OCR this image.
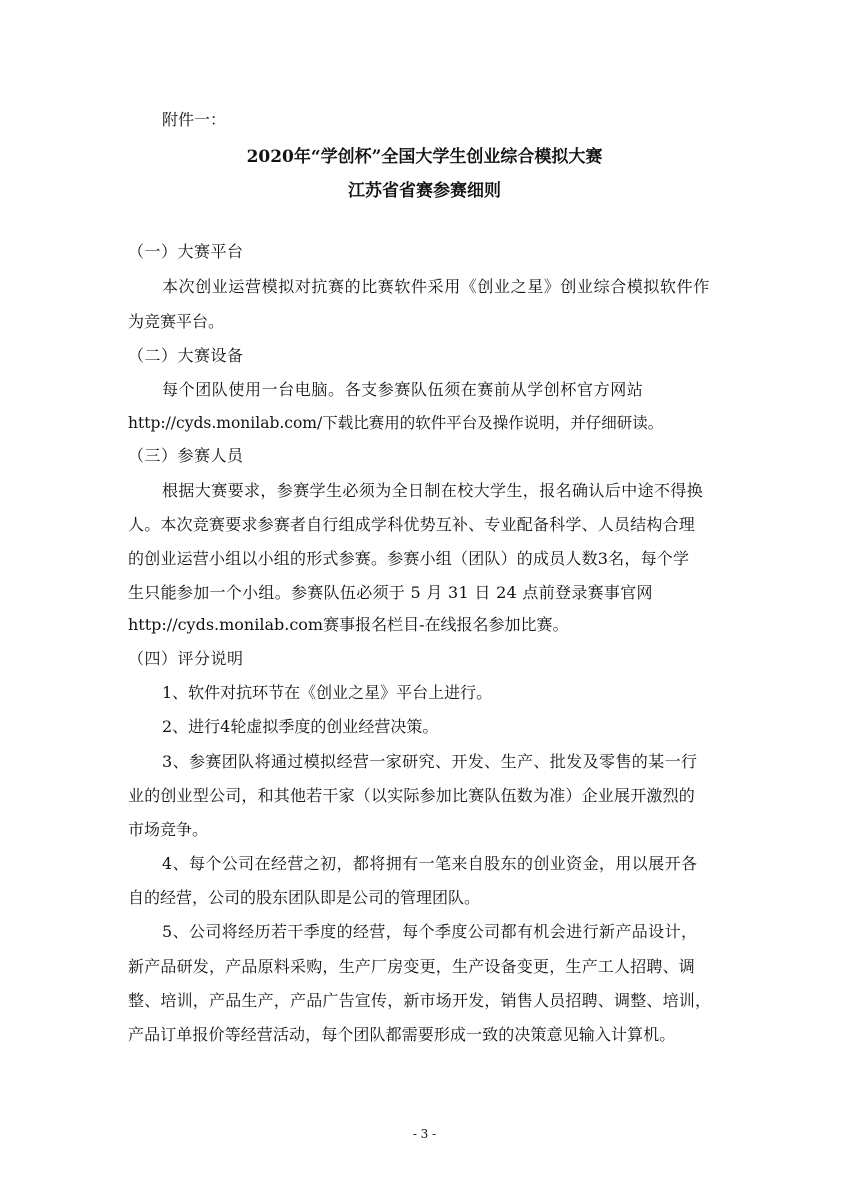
附件一：
2020年“学创杯”全国大学生创业综合模拟大赛
江苏省省赛参赛细则
（一）大赛平台
本次创业运营模拟对抗赛的比赛软件采用《创业之星》创业综合模拟软件作
为竞赛平台。
（二）大赛设备
每个团队使用一台电脑。各支参赛队伍须在赛前从学创杯官方网站
http://cyds.monilab.com/下载比赛用的软件平台及操作说明，并仔细研读。
（三）参赛人员
根据大赛要求，参赛学生必须为全日制在校大学生，报名确认后中途不得换
人。本次竞赛要求参赛者自行组成学科优势互补、专业配备科学、人员结构合理
的创业运营小组以小组的形式参赛。参赛小组（团队）的成员人数3名，每个学
生只能参加一个小组。参赛队伍必须于 5 月 31 日 24 点前登录赛事官网
http://cyds.monilab.com赛事报名栏目-在线报名参加比赛。
（四）评分说明
1、软件对抗环节在《创业之星》平台上进行。
2、进行4轮虚拟季度的创业经营决策。
3、参赛团队将通过模拟经营一家研究、开发、生产、批发及零售的某一行
业的创业型公司，和其他若干家（以实际参加比赛队伍数为准）企业展开激烈的
市场竞争。
4、每个公司在经营之初，都将拥有一笔来自股东的创业资金，用以展开各
自的经营，公司的股东团队即是公司的管理团队。
5、公司将经历若干季度的经营，每个季度公司都有机会进行新产品设计，
新产品研发，产品原料采购，生产厂房变更，生产设备变更，生产工人招聘、调
整、培训，产品生产，产品广告宣传，新市场开发，销售人员招聘、调整、培训，
产品订单报价等经营活动，每个团队都需要形成一致的决策意见输入计算机。
- 3 -
